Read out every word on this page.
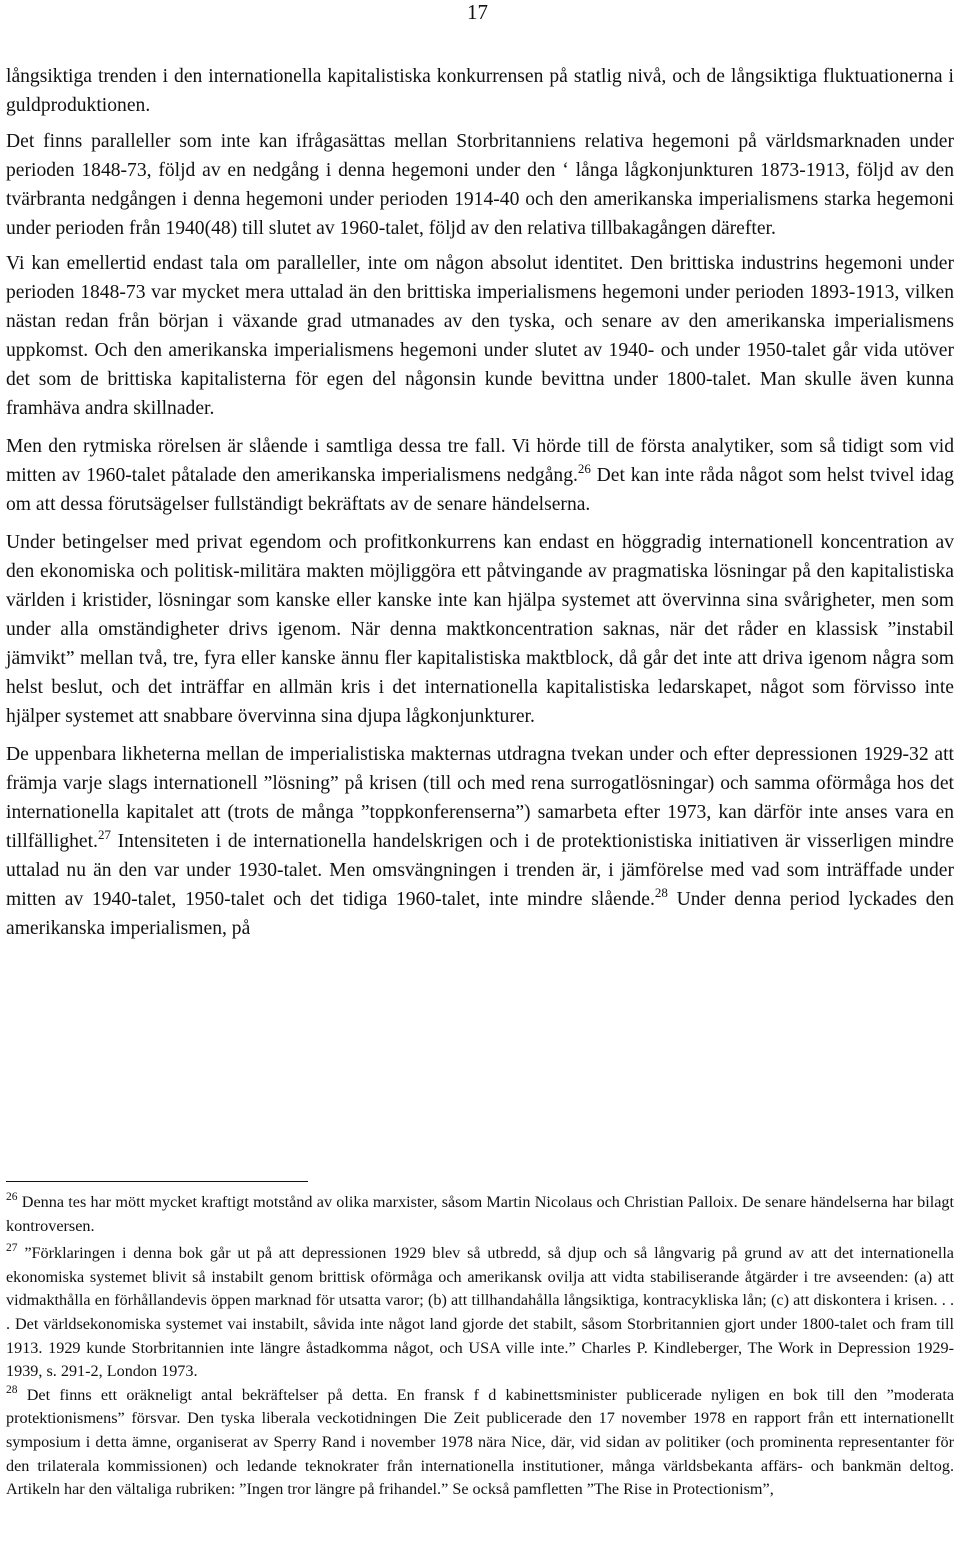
17

långsiktiga trenden i den internationella kapitalistiska konkurrensen på statlig nivå, och de långsiktiga fluktuationerna i guldproduktionen.

Det finns paralleller som inte kan ifrågasättas mellan Storbritanniens relativa hegemoni på världsmarknaden under perioden 1848-73, följd av en nedgång i denna hegemoni under den ‘ långa lågkonjunkturen 1873-1913, följd av den tvärbranta nedgången i denna hegemoni under perioden 1914-40 och den amerikanska imperialismens starka hegemoni under perioden från 1940(48) till slutet av 1960-talet, följd av den relativa tillbakagången därefter.

Vi kan emellertid endast tala om paralleller, inte om någon absolut identitet. Den brittiska industrins hegemoni under perioden 1848-73 var mycket mera uttalad än den brittiska imperialismens hegemoni under perioden 1893-1913, vilken nästan redan från början i växande grad utmanades av den tyska, och senare av den amerikanska imperialismens uppkomst. Och den amerikanska imperialismens hegemoni under slutet av 1940- och under 1950-talet går vida utöver det som de brittiska kapitalisterna för egen del någonsin kunde bevittna under 1800-talet. Man skulle även kunna framhäva andra skillnader.

Men den rytmiska rörelsen är slående i samtliga dessa tre fall. Vi hörde till de första analytiker, som så tidigt som vid mitten av 1960-talet påtalade den amerikanska imperialismens nedgång.$^{26}$ Det kan inte råda något som helst tvivel idag om att dessa förutsägelser fullständigt bekräftats av de senare händelserna.

Under betingelser med privat egendom och profitkonkurrens kan endast en höggradig internationell koncentration av den ekonomiska och politisk-militära makten möjliggöra ett påtvingande av pragmatiska lösningar på den kapitalistiska världen i kristider, lösningar som kanske eller kanske inte kan hjälpa systemet att övervinna sina svårigheter, men som under alla omständigheter drivs igenom. När denna maktkoncentration saknas, när det råder en klassisk ”instabil jämvikt” mellan två, tre, fyra eller kanske ännu fler kapitalistiska maktblock, då går det inte att driva igenom några som helst beslut, och det inträffar en allmän kris i det internationella kapitalistiska ledarskapet, något som förvisso inte hjälper systemet att snabbare övervinna sina djupa lågkonjunkturer.

De uppenbara likheterna mellan de imperialistiska makternas utdragna tvekan under och efter depressionen 1929-32 att främja varje slags internationell ”lösning” på krisen (till och med rena surrogatlösningar) och samma oförmåga hos det internationella kapitalet att (trots de många ”toppkonferenserna”) samarbeta efter 1973, kan därför inte anses vara en tillfällighet.$^{27}$ Intensiteten i de internationella handelskrigen och i de protektionistiska initiativen är visserligen mindre uttalad nu än den var under 1930-talet. Men omsvängningen i trenden är, i jämförelse med vad som inträffade under mitten av 1940-talet, 1950-talet och det tidiga 1960-talet, inte mindre slående.$^{28}$ Under denna period lyckades den amerikanska imperialismen, på

$^{26}$ Denna tes har mött mycket kraftigt motstånd av olika marxister, såsom Martin Nicolaus och Christian Palloix. De senare händelserna har bilagt kontroversen.

$^{27}$ ”Förklaringen i denna bok går ut på att depressionen 1929 blev så utbredd, så djup och så långvarig på grund av att det internationella ekonomiska systemet blivit så instabilt genom brittisk oförmåga och amerikansk ovilja att vidta stabiliserande åtgärder i tre avseenden: (a) att vidmakthålla en förhållandevis öppen marknad för utsatta varor; (b) att tillhandahålla långsiktiga, kontracykliska lån; (c) att diskontera i krisen. . . . Det världsekonomiska systemet vai instabilt, såvida inte något land gjorde det stabilt, såsom Storbritannien gjort under 1800-talet och fram till 1913. 1929 kunde Storbritannien inte längre åstadkomma något, och USA ville inte.” Charles P. Kindleberger, The Work in Depression 1929-1939, s. 291-2, London 1973.

$^{28}$ Det finns ett oräkneligt antal bekräftelser på detta. En fransk f d kabinettsminister publicerade nyligen en bok till den ”moderata protektionismens” försvar. Den tyska liberala veckotidningen Die Zeit publicerade den 17 november 1978 en rapport från ett internationellt symposium i detta ämne, organiserat av Sperry Rand i november 1978 nära Nice, där, vid sidan av politiker (och prominenta representanter för den trilaterala kommissionen) och ledande teknokrater från internationella institutioner, många världsbekanta affärs- och bankmän deltog. Artikeln har den vältaliga rubriken: ”Ingen tror längre på frihandel.” Se också pamfletten ”The Rise in Protectionism”,
